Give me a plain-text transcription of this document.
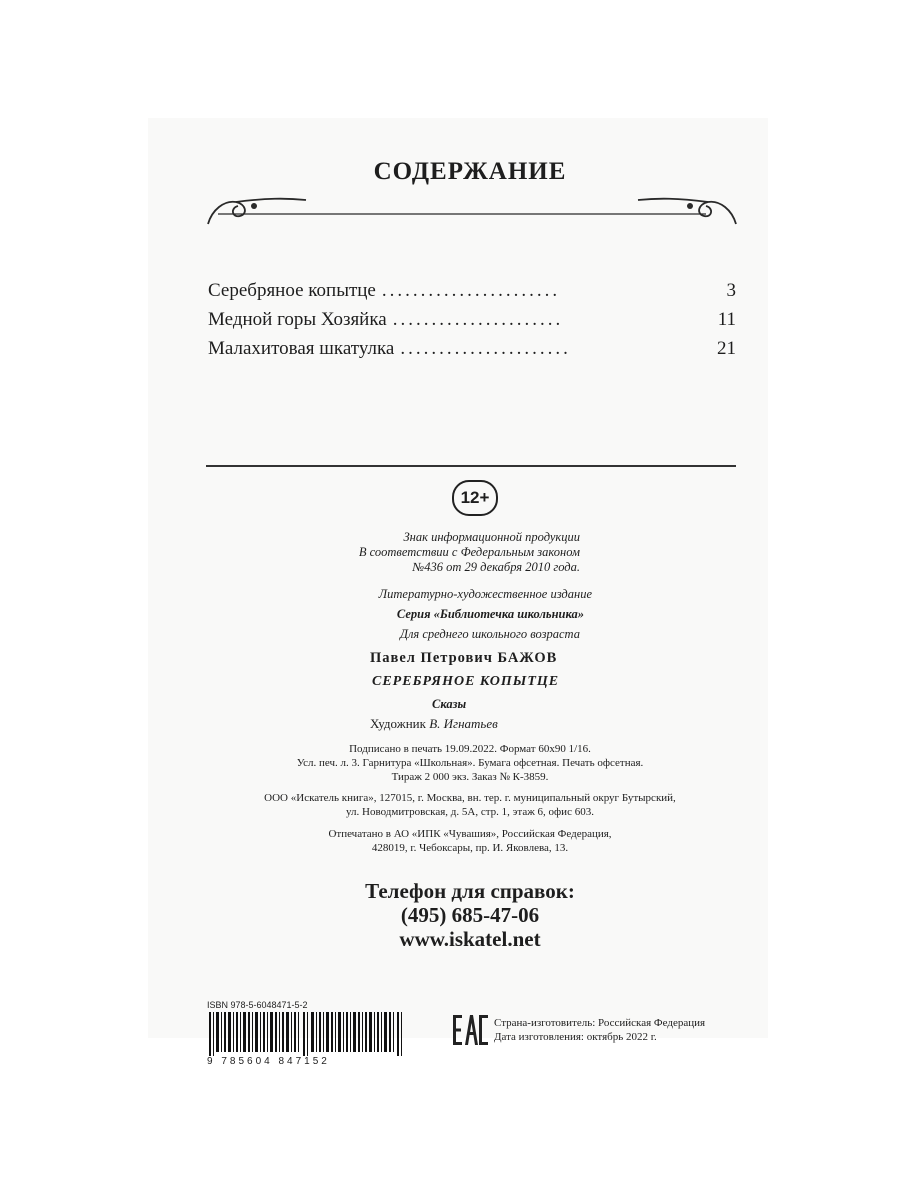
СОДЕРЖАНИЕ
Серебряное копытце .......................	3
Медной горы Хозяйка ......................	11
Малахитовая шкатулка ......................	21
12+
Знак информационной продукции
В соответствии с Федеральным законом
№436 от 29 декабря 2010 года.
Литературно-художественное издание
Серия «Библиотечка школьника»
Для среднего школьного возраста
Павел Петрович БАЖОВ
СЕРЕБРЯНОЕ КОПЫТЦЕ
Сказы
Художник В. Игнатьев
Подписано в печать 19.09.2022. Формат 60х90 1/16.
Усл. печ. л. 3. Гарнитура «Школьная». Бумага офсетная. Печать офсетная.
Тираж 2 000 экз. Заказ № К-3859.
ООО «Искатель книга», 127015, г. Москва, вн. тер. г. муниципальный округ Бутырский,
ул. Новодмитровская, д. 5А, стр. 1, этаж 6, офис 603.
Отпечатано в АО «ИПК «Чувашия», Российская Федерация,
428019, г. Чебоксары, пр. И. Яковлева, 13.
Телефон для справок:
(495) 685-47-06
www.iskatel.net
ISBN 978-5-6048471-5-2
9 785604 847152
Страна-изготовитель: Российская Федерация
Дата изготовления: октябрь 2022 г.
